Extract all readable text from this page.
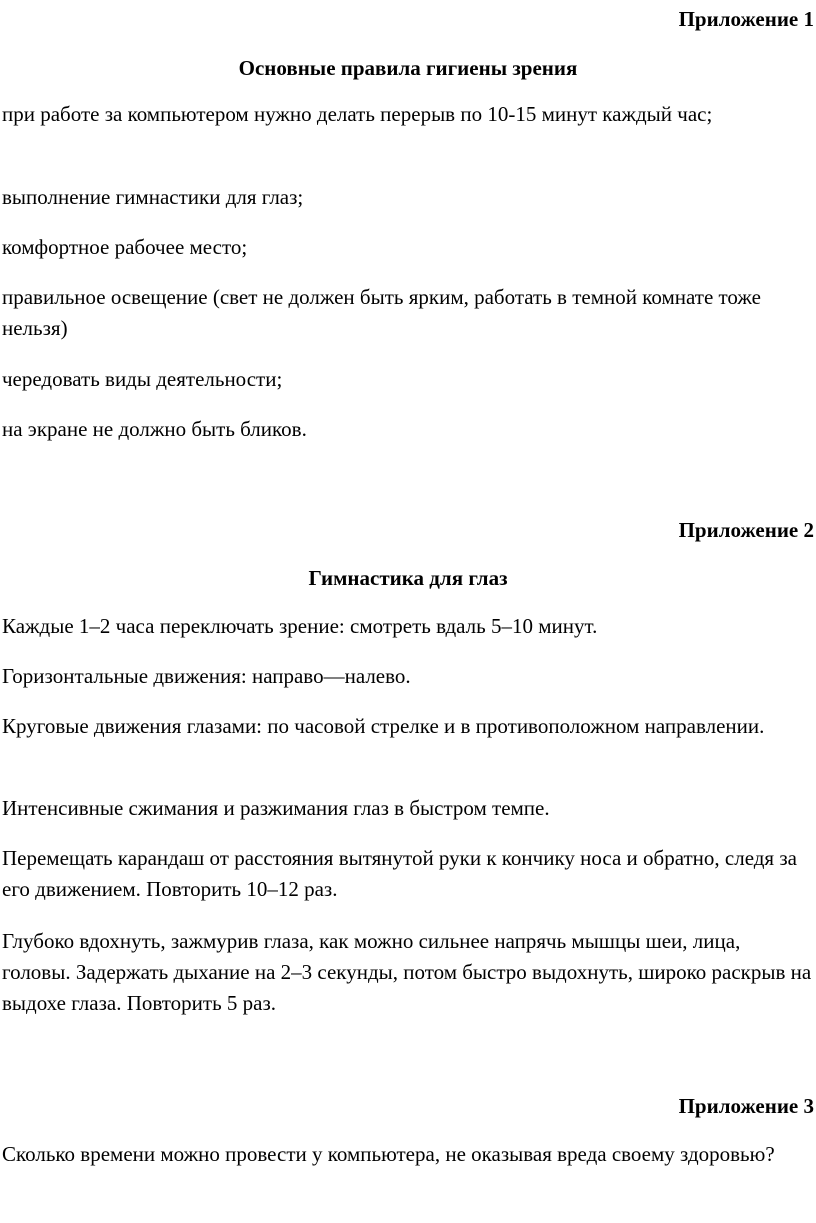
Приложение 1
Основные правила гигиены зрения

при работе за компьютером нужно делать перерыв по 10-15 минут каждый час;

выполнение гимнастики для глаз;

комфортное рабочее место;

правильное освещение (свет не должен быть ярким, работать в темной комнате тоже нельзя)

чередовать виды деятельности;

на экране не должно быть бликов.

Приложение 2
Гимнастика для глаз

Каждые 1–2 часа переключать зрение: смотреть вдаль 5–10 минут.

Горизонтальные движения: направо—налево.

Круговые движения глазами: по часовой стрелке и в противоположном направлении.

Интенсивные сжимания и разжимания глаз в быстром темпе.

Перемещать карандаш от расстояния вытянутой руки к кончику носа и обратно, следя за его движением. Повторить 10–12 раз.

Глубоко вдохнуть, зажмурив глаза, как можно сильнее напрячь мышцы шеи, лица, головы. Задержать дыхание на 2–3 секунды, потом быстро выдохнуть, широко раскрыв на выдохе глаза. Повторить 5 раз.

Приложение 3

Сколько времени можно провести у компьютера, не оказывая вреда своему здоровью?
